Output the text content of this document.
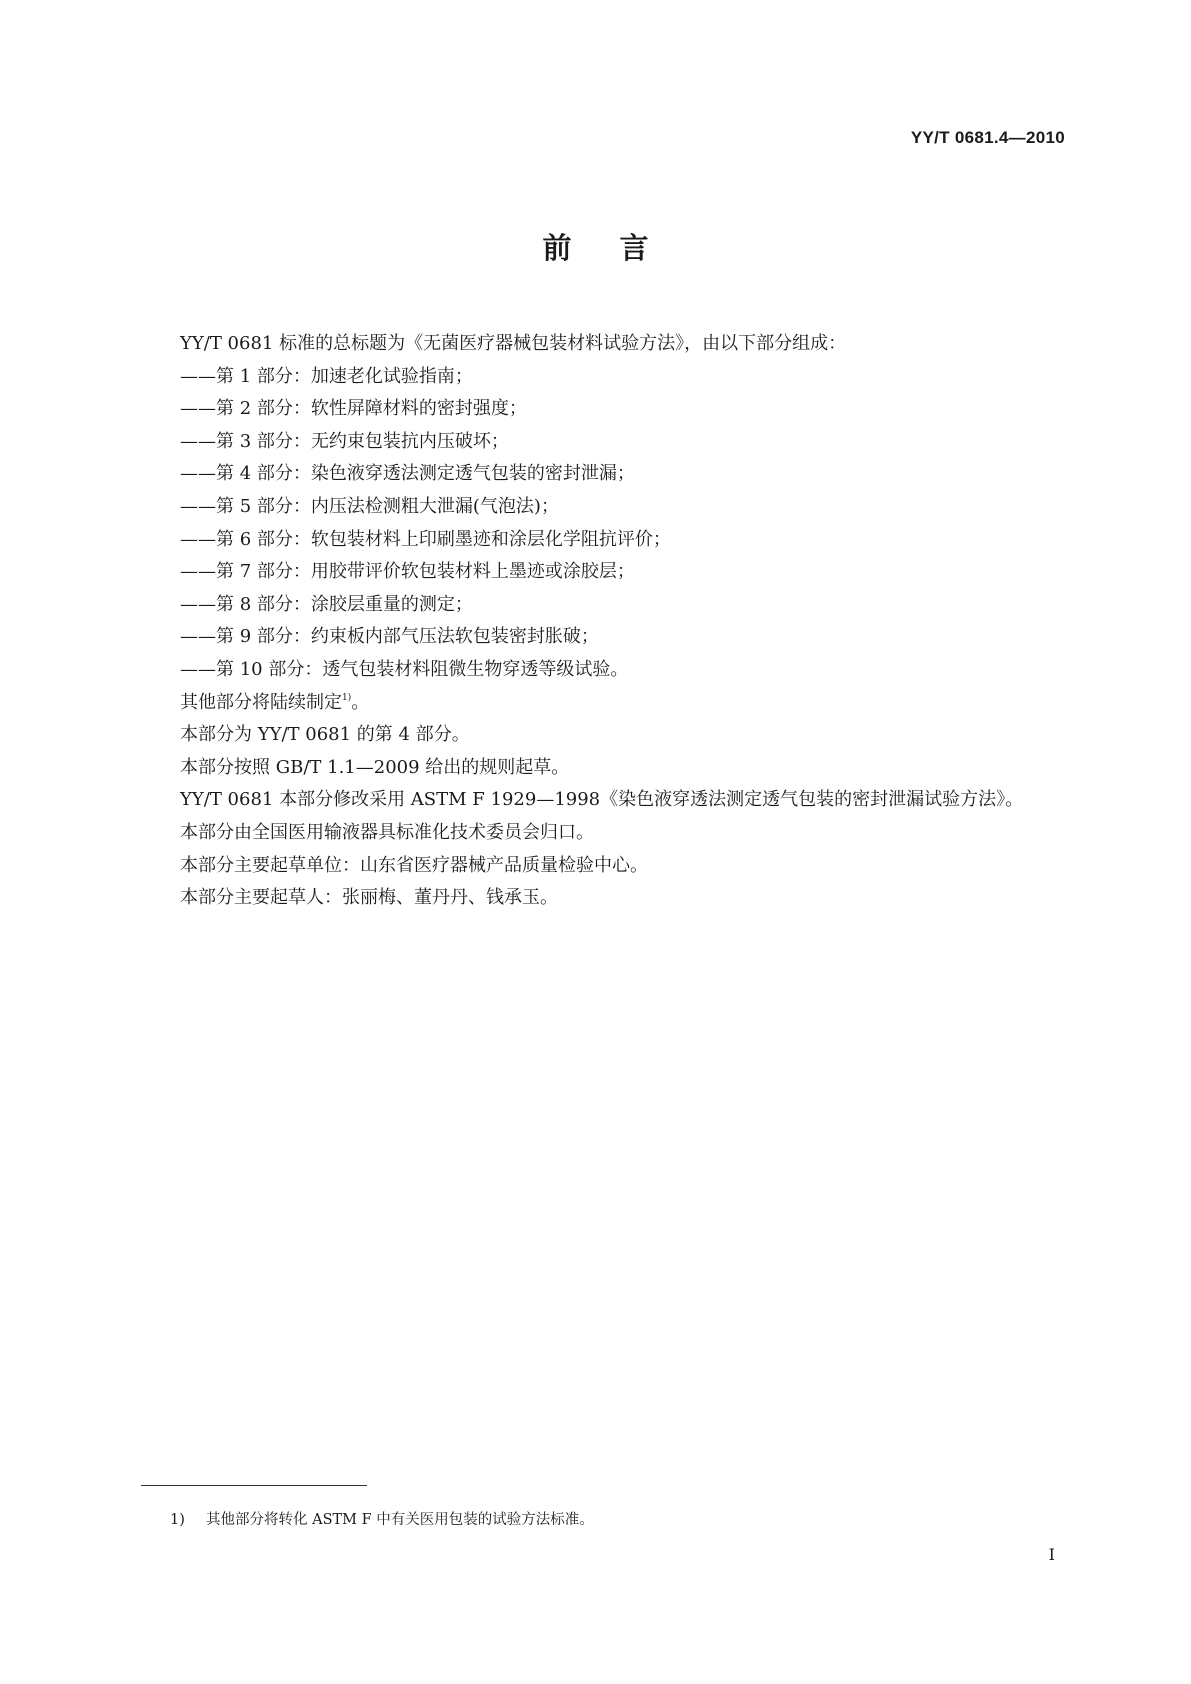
YY/T 0681.4—2010
前言

YY/T 0681 标准的总标题为《无菌医疗器械包装材料试验方法》，由以下部分组成：

——第 1 部分：加速老化试验指南；

——第 2 部分：软性屏障材料的密封强度；

——第 3 部分：无约束包装抗内压破坏；

——第 4 部分：染色液穿透法测定透气包装的密封泄漏；

——第 5 部分：内压法检测粗大泄漏(气泡法)；

——第 6 部分：软包装材料上印刷墨迹和涂层化学阻抗评价；

——第 7 部分：用胶带评价软包装材料上墨迹或涂胶层；

——第 8 部分：涂胶层重量的测定；

——第 9 部分：约束板内部气压法软包装密封胀破；

——第 10 部分：透气包装材料阻微生物穿透等级试验。

其他部分将陆续制定$^{1)}$。

本部分为 YY/T 0681 的第 4 部分。

本部分按照 GB/T 1.1—2009 给出的规则起草。

YY/T 0681 本部分修改采用 ASTM F 1929—1998《染色液穿透法测定透气包装的密封泄漏试验方法》。

本部分由全国医用输液器具标准化技术委员会归口。

本部分主要起草单位：山东省医疗器械产品质量检验中心。

本部分主要起草人：张丽梅、董丹丹、钱承玉。

1) 其他部分将转化 ASTM F 中有关医用包装的试验方法标准。
I
